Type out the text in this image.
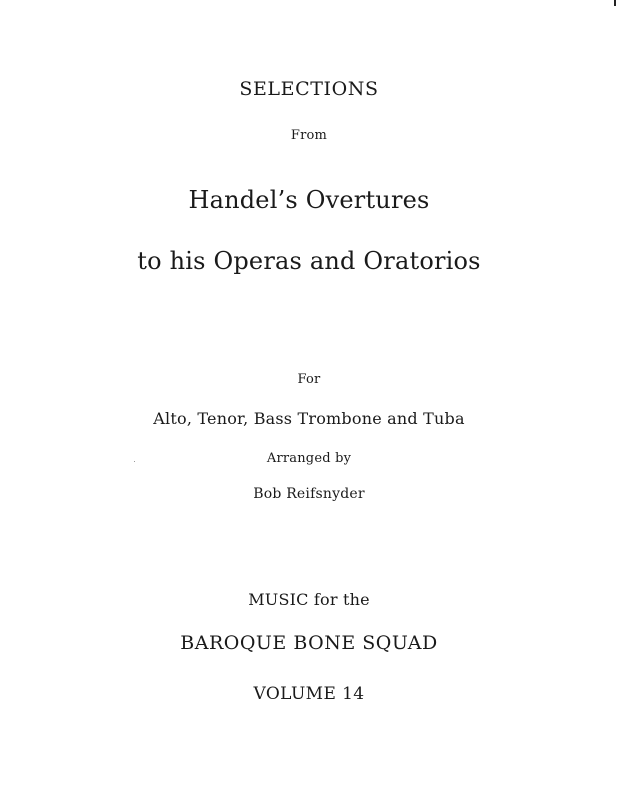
SELECTIONS
From
Handel’s Overtures
to his Operas and Oratorios
For
Alto, Tenor, Bass Trombone and Tuba
Arranged by
Bob Reifsnyder
MUSIC for the
BAROQUE BONE SQUAD
VOLUME 14
